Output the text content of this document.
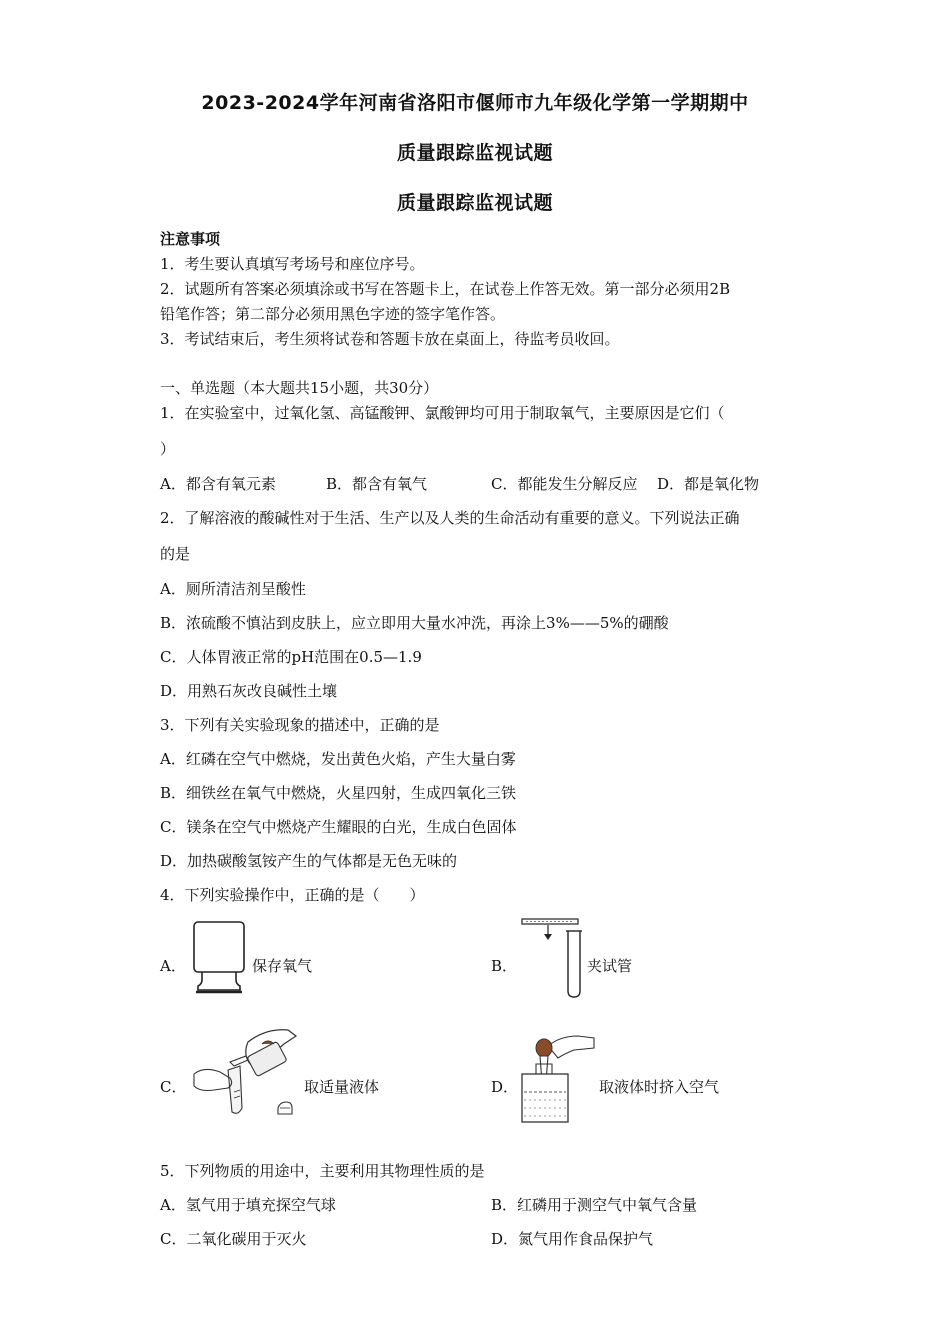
2023-2024学年河南省洛阳市偃师市九年级化学第一学期期中
质量跟踪监视试题
质量跟踪监视试题
注意事项
1．考生要认真填写考场号和座位序号。
2．试题所有答案必须填涂或书写在答题卡上，在试卷上作答无效。第一部分必须用2B
铅笔作答；第二部分必须用黑色字迹的签字笔作答。
3．考试结束后，考生须将试卷和答题卡放在桌面上，待监考员收回。
一、单选题（本大题共15小题，共30分）
1．在实验室中，过氧化氢、高锰酸钾、氯酸钾均可用于制取氧气，主要原因是它们（
）
A．都含有氧元素	B．都含有氧气	C．都能发生分解反应 D．都是氧化物
2．了解溶液的酸碱性对于生活、生产以及人类的生命活动有重要的意义。下列说法正确
的是
A．厕所清洁剂呈酸性
B．浓硫酸不慎沾到皮肤上，应立即用大量水冲洗，再涂上3%——5%的硼酸
C．人体胃液正常的pH范围在0.5—1.9
D．用熟石灰改良碱性土壤
3．下列有关实验现象的描述中，正确的是
A．红磷在空气中燃烧，发出黄色火焰，产生大量白雾
B．细铁丝在氧气中燃烧，火星四射，生成四氧化三铁
C．镁条在空气中燃烧产生耀眼的白光，生成白色固体
D．加热碳酸氢铵产生的气体都是无色无味的
4．下列实验操作中，正确的是（　　）
A．	保存氧气	B．	夹试管
C．	取适量液体	D．	取液体时挤入空气
5．下列物质的用途中，主要利用其物理性质的是
A．氢气用于填充探空气球	B．红磷用于测空气中氧气含量
C．二氧化碳用于灭火	D．氮气用作食品保护气
